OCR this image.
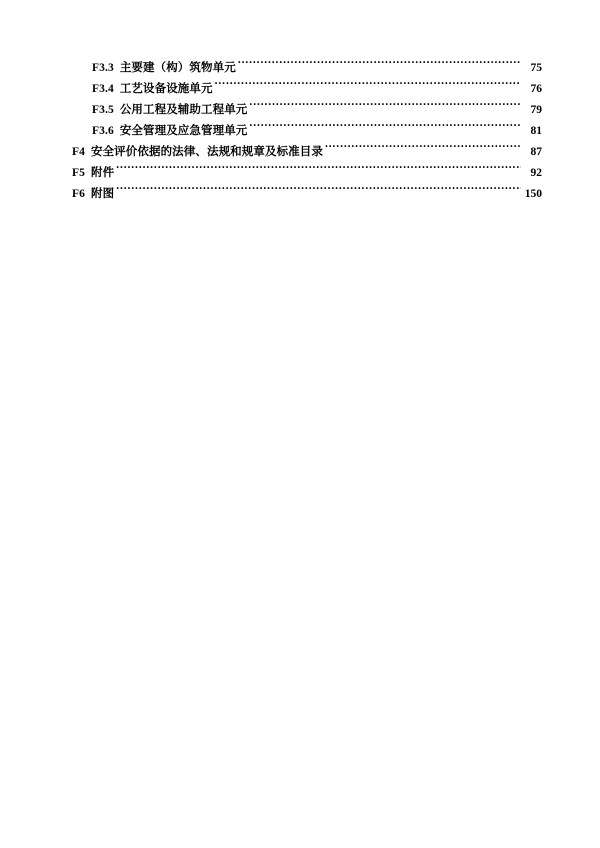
F3.3 主要建（构）筑物单元 .....	75
F3.4 工艺设备设施单元 .....	76
F3.5 公用工程及辅助工程单元 .....	79
F3.6 安全管理及应急管理单元 .....	81
F4 安全评价依据的法律、法规和规章及标准目录 .....	87
F5 附件 .....	92
F6 附图 .....	150
